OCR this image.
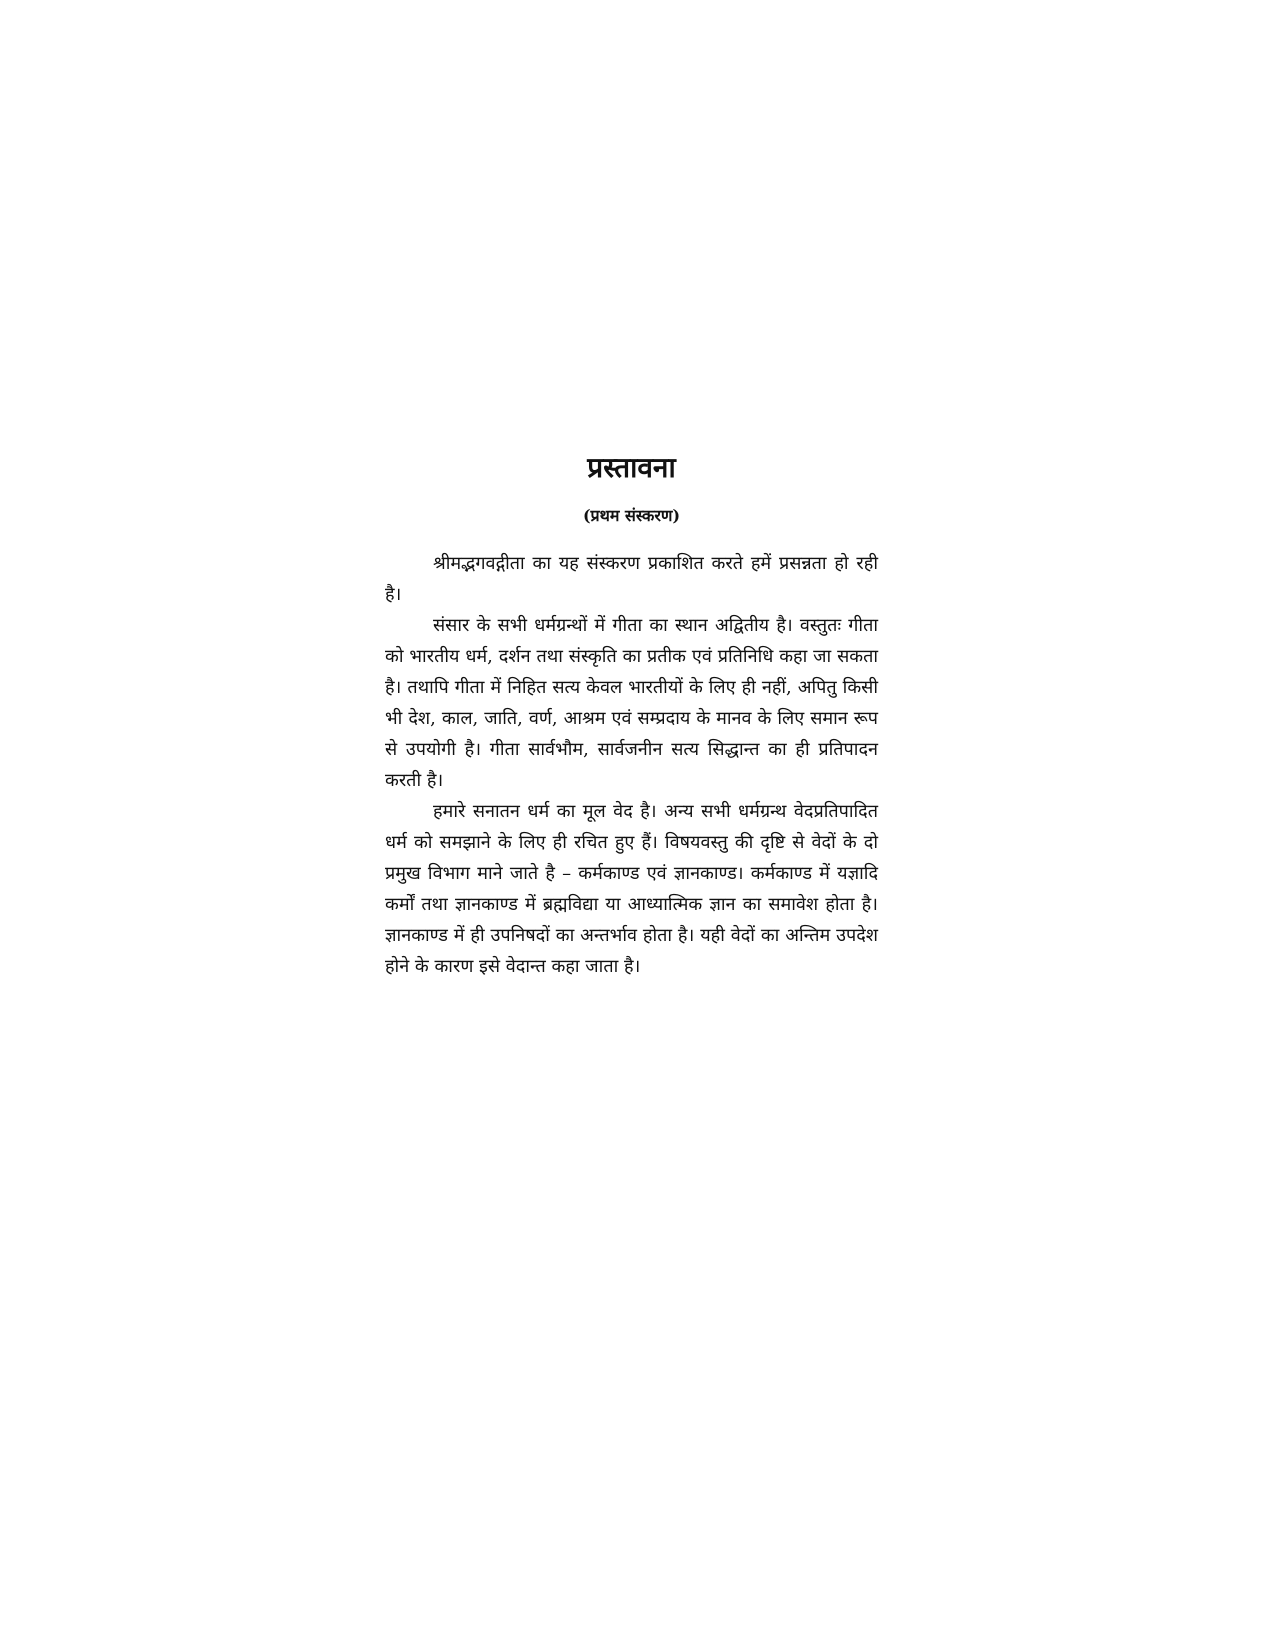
प्रस्तावना
(प्रथम संस्करण)

श्रीमद्भगवद्गीता का यह संस्करण प्रकाशित करते हमें प्रसन्नता हो रही है।

संसार के सभी धर्मग्रन्थों में गीता का स्थान अद्वितीय है। वस्तुतः गीता को भारतीय धर्म, दर्शन तथा संस्कृति का प्रतीक एवं प्रतिनिधि कहा जा सकता है। तथापि गीता में निहित सत्य केवल भारतीयों के लिए ही नहीं, अपितु किसी भी देश, काल, जाति, वर्ण, आश्रम एवं सम्प्रदाय के मानव के लिए समान रूप से उपयोगी है। गीता सार्वभौम, सार्वजनीन सत्य सिद्धान्त का ही प्रतिपादन करती है।

हमारे सनातन धर्म का मूल वेद है। अन्य सभी धर्मग्रन्थ वेदप्रतिपादित धर्म को समझाने के लिए ही रचित हुए हैं। विषयवस्तु की दृष्टि से वेदों के दो प्रमुख विभाग माने जाते है – कर्मकाण्ड एवं ज्ञानकाण्ड। कर्मकाण्ड में यज्ञादि कर्मों तथा ज्ञानकाण्ड में ब्रह्मविद्या या आध्यात्मिक ज्ञान का समावेश होता है। ज्ञानकाण्ड में ही उपनिषदों का अन्तर्भाव होता है। यही वेदों का अन्तिम उपदेश होने के कारण इसे वेदान्त कहा जाता है।
